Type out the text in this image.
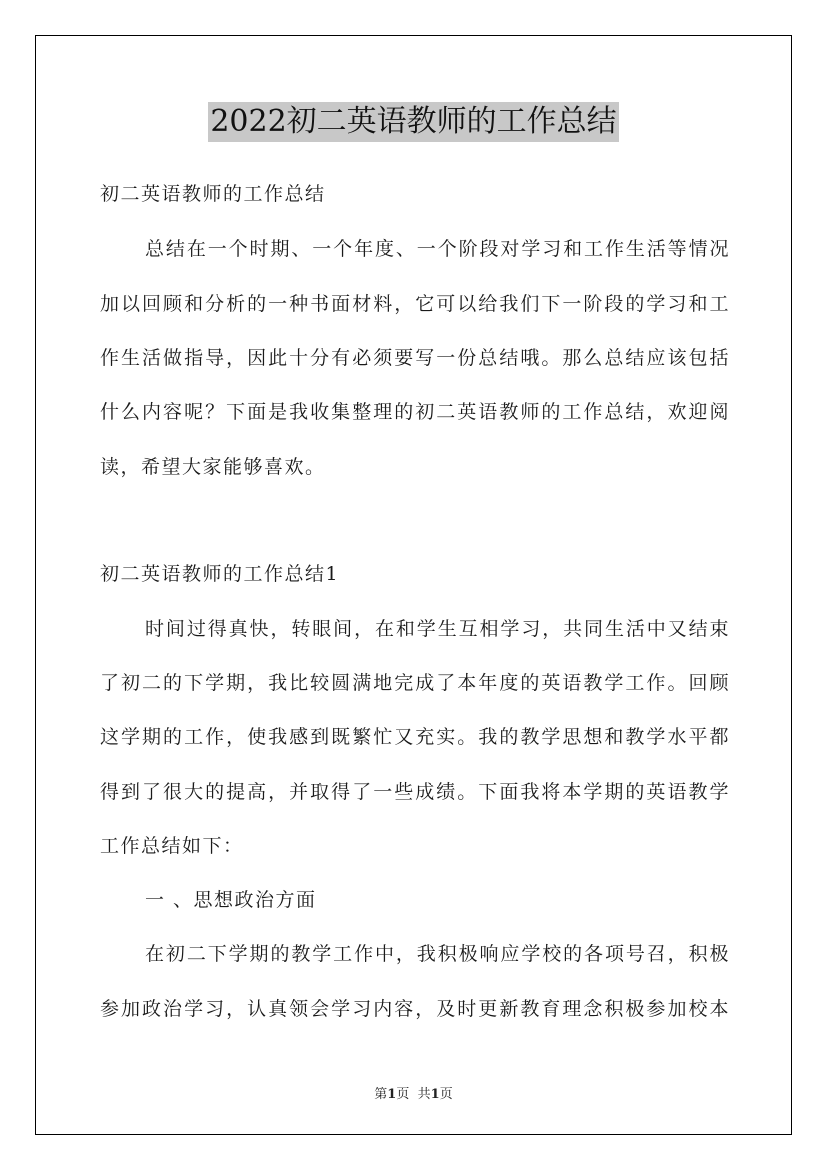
2022初二英语教师的工作总结
初二英语教师的工作总结
总结在一个时期、一个年度、一个阶段对学习和工作生活等情况
加以回顾和分析的一种书面材料，它可以给我们下一阶段的学习和工
作生活做指导，因此十分有必须要写一份总结哦。那么总结应该包括
什么内容呢？下面是我收集整理的初二英语教师的工作总结，欢迎阅
读，希望大家能够喜欢。
初二英语教师的工作总结1
时间过得真快，转眼间，在和学生互相学习，共同生活中又结束
了初二的下学期，我比较圆满地完成了本年度的英语教学工作。回顾
这学期的工作，使我感到既繁忙又充实。我的教学思想和教学水平都
得到了很大的提高，并取得了一些成绩。下面我将本学期的英语教学
工作总结如下：
一 、思想政治方面
在初二下学期的教学工作中，我积极响应学校的各项号召，积极
参加政治学习，认真领会学习内容，及时更新教育理念积极参加校本
第1页 共1页
